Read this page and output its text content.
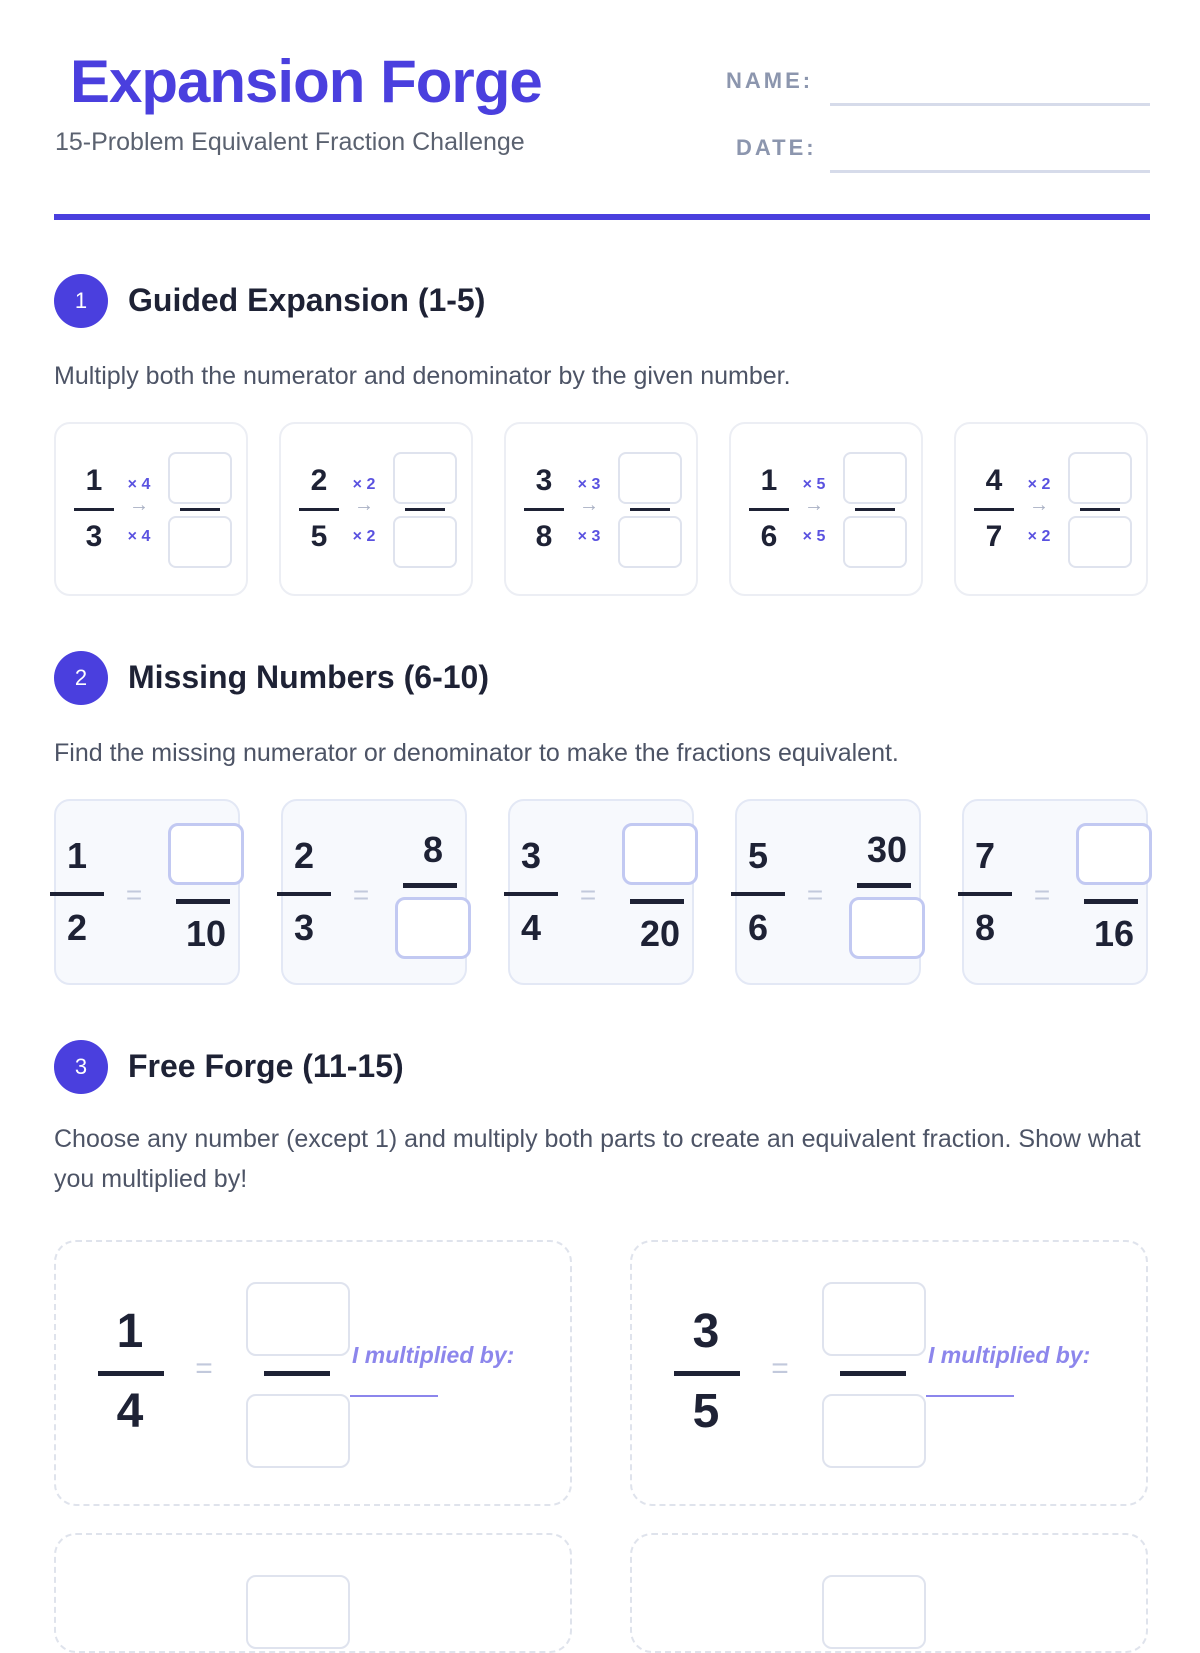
Expansion Forge

15-Problem Equivalent Fraction Challenge

NAME:
DATE:
1	Guided Expansion (1-5)
Multiply both the numerator and denominator by the given number.
1
3
× 4
→
× 4
2
5
× 2
→
× 2
3
8
× 3
→
× 3
1
6
× 5
→
× 5
4
7
× 2
→
× 2
2	Missing Numbers (6-10)
Find the missing numerator or denominator to make the fractions equivalent.
1
2
=
10
2
3
=
8	3
4
=
20
5
6
=
30	7
8
=
16
3	Free Forge (11-15)
Choose any number (except 1) and multiply both parts to create an equivalent fraction. Show what you multiplied by!
1
4
=	I multiplied by:	3
5
=	I multiplied by:
